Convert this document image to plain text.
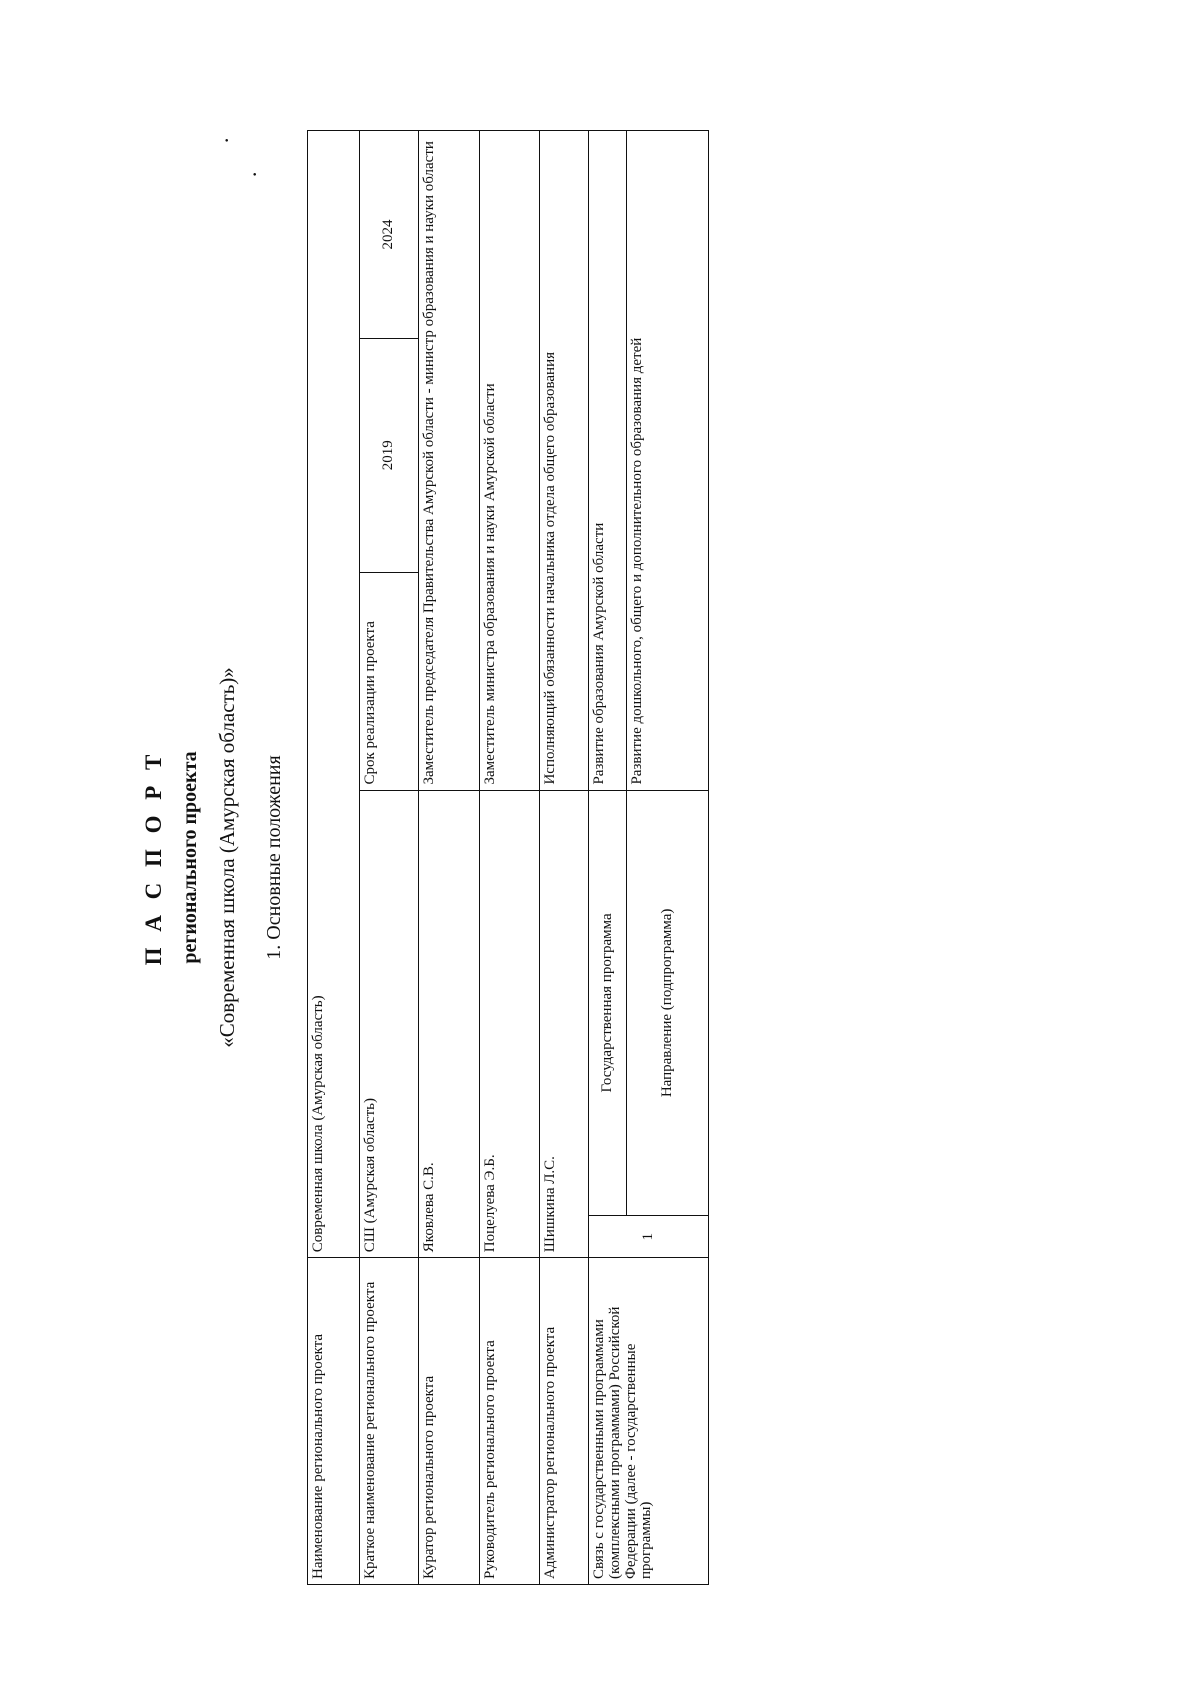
П А С П О Р Т регионального проекта «Современная школа (Амурская область)» 1. Основные положения
·
·
Наименование регионального проекта	Современная школа (Амурская область)				
Краткое наименование регионального проекта	СШ (Амурская область)		Срок реализации проекта	2019	2024
Куратор регионального проекта	Яковлева С.В.		Заместитель председателя Правительства Амурской области - министр образования и науки области		
Руководитель регионального проекта	Поцелуева Э.Б.		Заместитель министра образования и науки Амурской области		
Администратор регионального проекта	Шишкина Л.С.		Исполняющий обязанности начальника отдела общего образования		
Связь с государственными программами (комплексными программами) Российской Федерации (далее - государственные программы)	1	Государственная программа	Развитие образования Амурской области		
		Направление (подпрограмма)	Развитие дошкольного, общего и дополнительного образования детей		
